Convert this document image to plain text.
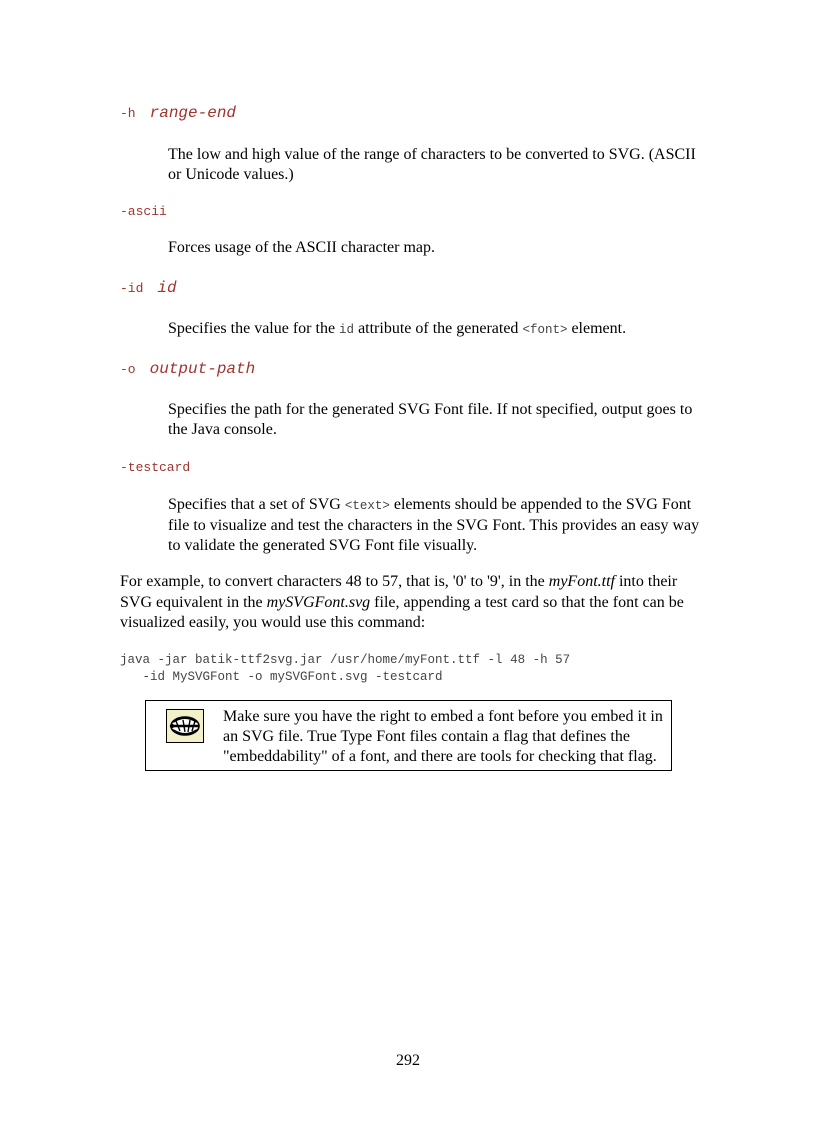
-h range-end
The low and high value of the range of characters to be converted to SVG. (ASCII or Unicode values.)
-ascii
Forces usage of the ASCII character map.
-id id
Specifies the value for the id attribute of the generated <font> element.
-o output-path
Specifies the path for the generated SVG Font file. If not specified, output goes to the Java console.
-testcard
Specifies that a set of SVG <text> elements should be appended to the SVG Font file to visualize and test the characters in the SVG Font. This provides an easy way to validate the generated SVG Font file visually.
For example, to convert characters 48 to 57, that is, '0' to '9', in the myFont.ttf into their SVG equivalent in the mySVGFont.svg file, appending a test card so that the font can be visualized easily, you would use this command:
java -jar batik-ttf2svg.jar /usr/home/myFont.ttf -l 48 -h 57
-id MySVGFont -o mySVGFont.svg -testcard
Make sure you have the right to embed a font before you embed it in an SVG file. True Type Font files contain a flag that defines the "embeddability" of a font, and there are tools for checking that flag.
292
